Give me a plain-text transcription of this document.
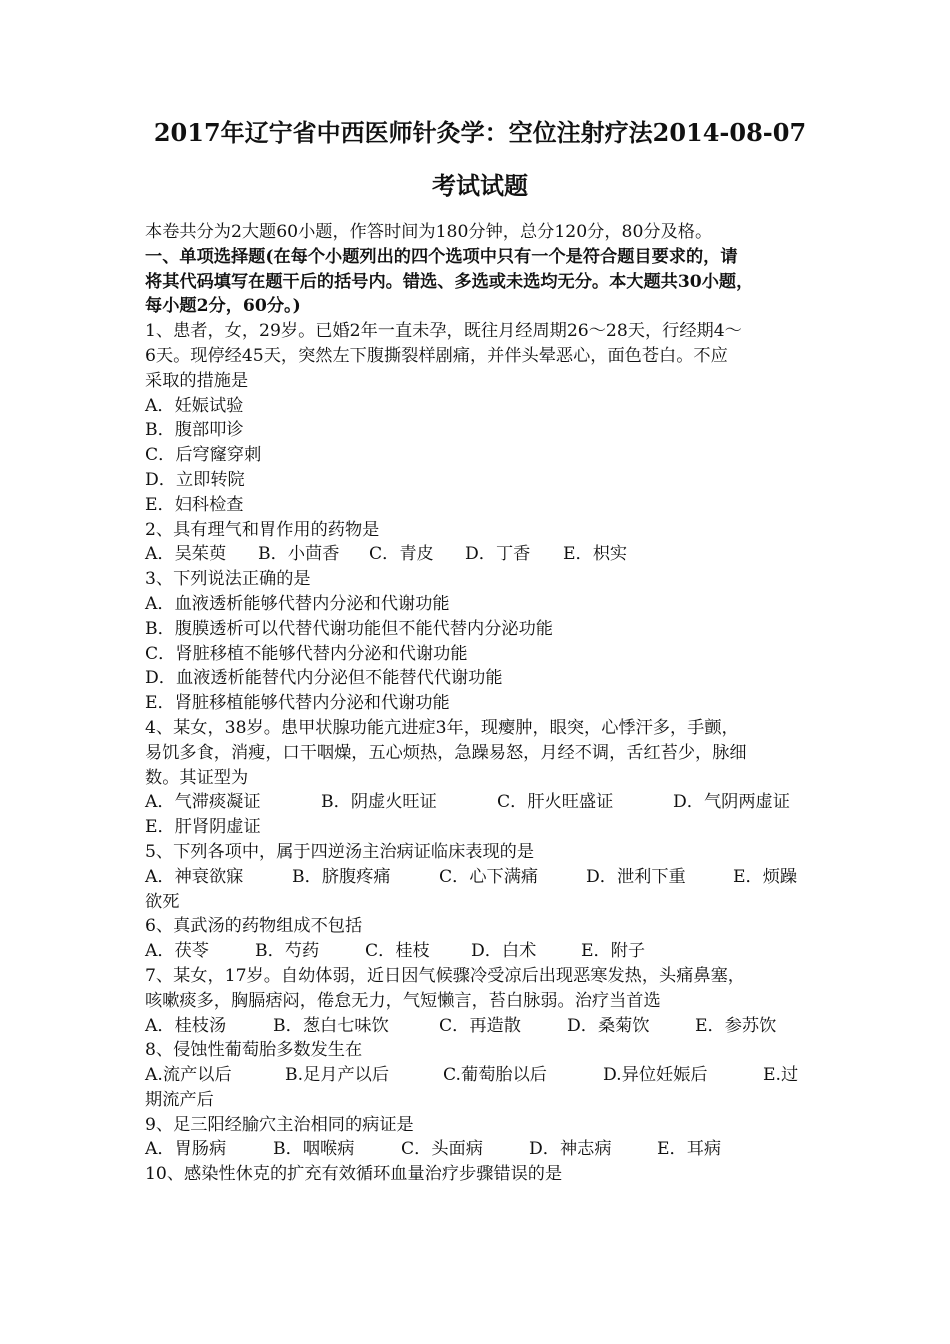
2017年辽宁省中西医师针灸学：空位注射疗法2014-08-07
考试试题
本卷共分为2大题60小题，作答时间为180分钟，总分120分，80分及格。
一、单项选择题(在每个小题列出的四个选项中只有一个是符合题目要求的，请
将其代码填写在题干后的括号内。错选、多选或未选均无分。本大题共30小题，
每小题2分，60分。)
1、患者，女，29岁。已婚2年一直未孕，既往月经周期26～28天，行经期4～
6天。现停经45天，突然左下腹撕裂样剧痛，并伴头晕恶心，面色苍白。不应
采取的措施是
A．妊娠试验
B．腹部叩诊
C．后穹窿穿刺
D．立即转院
E．妇科检查
2、具有理气和胃作用的药物是
A．吴茱萸	B．小茴香	C．青皮	D．丁香	E．枳实
3、下列说法正确的是
A．血液透析能够代替内分泌和代谢功能
B．腹膜透析可以代替代谢功能但不能代替内分泌功能
C．肾脏移植不能够代替内分泌和代谢功能
D．血液透析能替代内分泌但不能替代代谢功能
E．肾脏移植能够代替内分泌和代谢功能
4、某女，38岁。患甲状腺功能亢进症3年，现瘿肿，眼突，心悸汗多，手颤，
易饥多食，消瘦，口干咽燥，五心烦热，急躁易怒，月经不调，舌红苔少，脉细
数。其证型为
A．气滞痰凝证	B．阴虚火旺证	C．肝火旺盛证	D．气阴两虚证
E．肝肾阴虚证
5、下列各项中，属于四逆汤主治病证临床表现的是
A．神衰欲寐	B．脐腹疼痛	C．心下满痛	D．泄利下重	E．烦躁
欲死
6、真武汤的药物组成不包括
A．茯苓	B．芍药	C．桂枝	D．白术	E．附子
7、某女，17岁。自幼体弱，近日因气候骤冷受凉后出现恶寒发热，头痛鼻塞，
咳嗽痰多，胸膈痞闷，倦怠无力，气短懒言，苔白脉弱。治疗当首选
A．桂枝汤	B．葱白七味饮	C．再造散	D．桑菊饮	E．参苏饮
8、侵蚀性葡萄胎多数发生在
A.流产以后	B.足月产以后	C.葡萄胎以后	D.异位妊娠后	E.过
期流产后
9、足三阳经腧穴主治相同的病证是
A．胃肠病	B．咽喉病	C．头面病	D．神志病	E．耳病
10、感染性休克的扩充有效循环血量治疗步骤错误的是
